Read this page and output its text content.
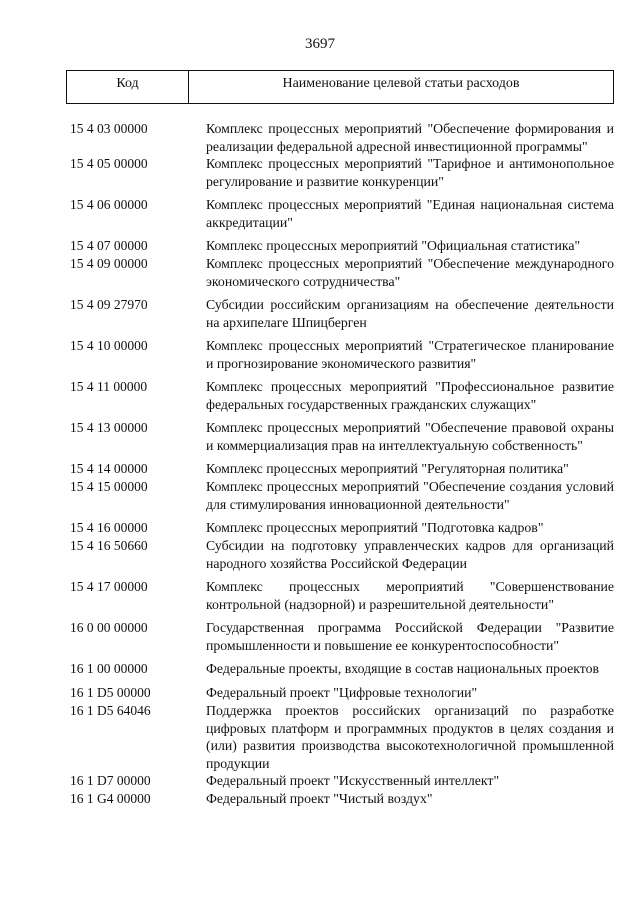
3697
Код	Наименование целевой статьи расходов
15 4 03 00000	Комплекс процессных мероприятий "Обеспечение формирования и реализации федеральной адресной инвестиционной программы"
15 4 05 00000	Комплекс процессных мероприятий "Тарифное и антимонопольное регулирование и развитие конкуренции"
15 4 06 00000	Комплекс процессных мероприятий "Единая национальная система аккредитации"
15 4 07 00000	Комплекс процессных мероприятий "Официальная статистика"
15 4 09 00000	Комплекс процессных мероприятий "Обеспечение международного экономического сотрудничества"
15 4 09 27970	Субсидии российским организациям на обеспечение деятельности на архипелаге Шпицберген
15 4 10 00000	Комплекс процессных мероприятий "Стратегическое планирование и прогнозирование экономического развития"
15 4 11 00000	Комплекс процессных мероприятий "Профессиональное развитие федеральных государственных гражданских служащих"
15 4 13 00000	Комплекс процессных мероприятий "Обеспечение правовой охраны и коммерциализация прав на интеллектуальную собственность"
15 4 14 00000	Комплекс процессных мероприятий "Регуляторная политика"
15 4 15 00000	Комплекс процессных мероприятий "Обеспечение создания условий для стимулирования инновационной деятельности"
15 4 16 00000	Комплекс процессных мероприятий "Подготовка кадров"
15 4 16 50660	Субсидии на подготовку управленческих кадров для организаций народного хозяйства Российской Федерации
15 4 17 00000	Комплекс процессных мероприятий "Совершенствование контрольной (надзорной) и разрешительной деятельности"
16 0 00 00000	Государственная программа Российской Федерации "Развитие промышленности и повышение ее конкурентоспособности"
16 1 00 00000	Федеральные проекты, входящие в состав национальных проектов
16 1 D5 00000	Федеральный проект "Цифровые технологии"
16 1 D5 64046	Поддержка проектов российских организаций по разработке цифровых платформ и программных продуктов в целях создания и (или) развития производства высокотехнологичной промышленной продукции
16 1 D7 00000	Федеральный проект "Искусственный интеллект"
16 1 G4 00000	Федеральный проект "Чистый воздух"
